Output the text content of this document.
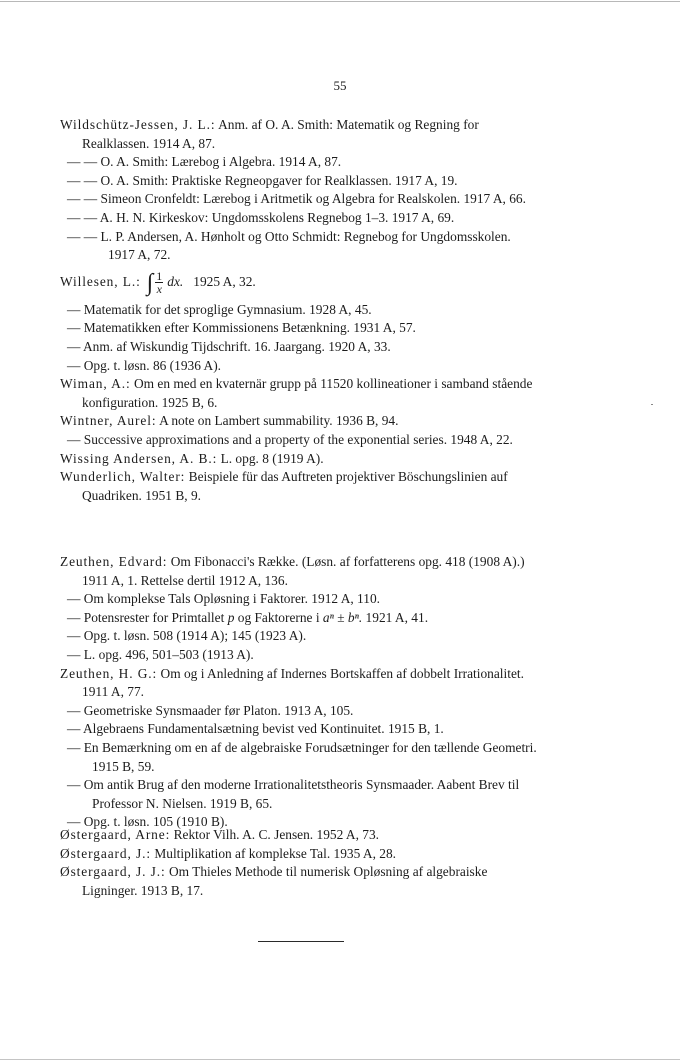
55
Wildschütz-Jessen, J. L.: Anm. af O. A. Smith: Matematik og Regning for Realklassen. 1914 A, 87.
— — O. A. Smith: Lærebog i Algebra. 1914 A, 87.
— — O. A. Smith: Praktiske Regneopgaver for Realklassen. 1917 A, 19.
— — Simeon Cronfeldt: Lærebog i Aritmetik og Algebra for Realskolen. 1917 A, 66.
— — A. H. N. Kirkeskov: Ungdomsskolens Regnebog 1–3. 1917 A, 69.
— — L. P. Andersen, A. Hønholt og Otto Schmidt: Regnebog for Ungdomsskolen. 1917 A, 72.
Willesen, L.: ∫ $\frac{1}{x}$ dx. 1925 A, 32.
— Matematik for det sproglige Gymnasium. 1928 A, 45.
— Matematikken efter Kommissionens Betænkning. 1931 A, 57.
— Anm. af Wiskundig Tijdschrift. 16. Jaargang. 1920 A, 33.
— Opg. t. løsn. 86 (1936 A).
Wiman, A.: Om en med en kvaternär grupp på 11520 kollineationer i samband stående konfiguration. 1925 B, 6.
Wintner, Aurel: A note on Lambert summability. 1936 B, 94.
— Successive approximations and a property of the exponential series. 1948 A, 22.
Wissing Andersen, A. B.: L. opg. 8 (1919 A).
Wunderlich, Walter: Beispiele für das Auftreten projektiver Böschungslinien auf Quadriken. 1951 B, 9.
Zeuthen, Edvard: Om Fibonacci's Række. (Løsn. af forfatterens opg. 418 (1908 A).) 1911 A, 1. Rettelse dertil 1912 A, 136.
— Om komplekse Tals Opløsning i Faktorer. 1912 A, 110.
— Potensrester for Primtallet p og Faktorerne i aⁿ ± bⁿ. 1921 A, 41.
— Opg. t. løsn. 508 (1914 A); 145 (1923 A).
— L. opg. 496, 501–503 (1913 A).
Zeuthen, H. G.: Om og i Anledning af Indernes Bortskaffen af dobbelt Irrationalitet. 1911 A, 77.
— Geometriske Synsmaader før Platon. 1913 A, 105.
— Algebraens Fundamentalsætning bevist ved Kontinuitet. 1915 B, 1.
— En Bemærkning om en af de algebraiske Forudsætninger for den tællende Geometri. 1915 B, 59.
— Om antik Brug af den moderne Irrationalitetstheoris Synsmaader. Aabent Brev til Professor N. Nielsen. 1919 B, 65.
— Opg. t. løsn. 105 (1910 B).
Østergaard, Arne: Rektor Vilh. A. C. Jensen. 1952 A, 73.
Østergaard, J.: Multiplikation af komplekse Tal. 1935 A, 28.
Østergaard, J. J.: Om Thieles Methode til numerisk Opløsning af algebraiske Ligninger. 1913 B, 17.
